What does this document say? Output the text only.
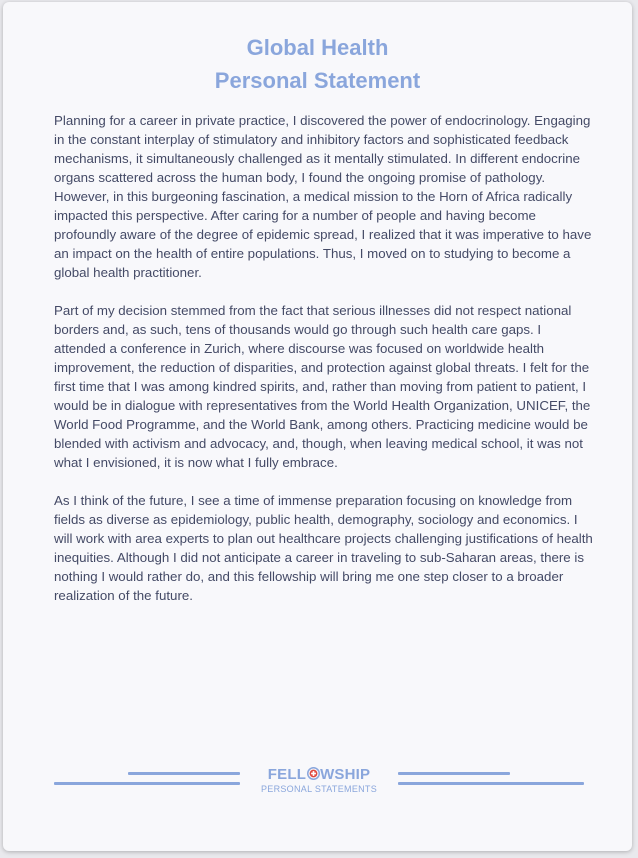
Global Health
Personal Statement

Planning for a career in private practice, I discovered the power of endocrinology. Engaging in the constant interplay of stimulatory and inhibitory factors and sophisticated feedback mechanisms, it simultaneously challenged as it mentally stimulated. In different endocrine organs scattered across the human body, I found the ongoing promise of pathology. However, in this burgeoning fascination, a medical mission to the Horn of Africa radically impacted this perspective. After caring for a number of people and having become profoundly aware of the degree of epidemic spread, I realized that it was imperative to have an impact on the health of entire populations. Thus, I moved on to studying to become a global health practitioner.

Part of my decision stemmed from the fact that serious illnesses did not respect national borders and, as such, tens of thousands would go through such health care gaps. I attended a conference in Zurich, where discourse was focused on worldwide health improvement, the reduction of disparities, and protection against global threats. I felt for the first time that I was among kindred spirits, and, rather than moving from patient to patient, I would be in dialogue with representatives from the World Health Organization, UNICEF, the World Food Programme, and the World Bank, among others. Practicing medicine would be blended with activism and advocacy, and, though, when leaving medical school, it was not what I envisioned, it is now what I fully embrace.

As I think of the future, I see a time of immense preparation focusing on knowledge from fields as diverse as epidemiology, public health, demography, sociology and economics. I will work with area experts to plan out healthcare projects challenging justifications of health inequities. Although I did not anticipate a career in traveling to sub-Saharan areas, there is nothing I would rather do, and this fellowship will bring me one step closer to a broader realization of the future.

FELL WSHIP
PERSONAL STATEMENTS
